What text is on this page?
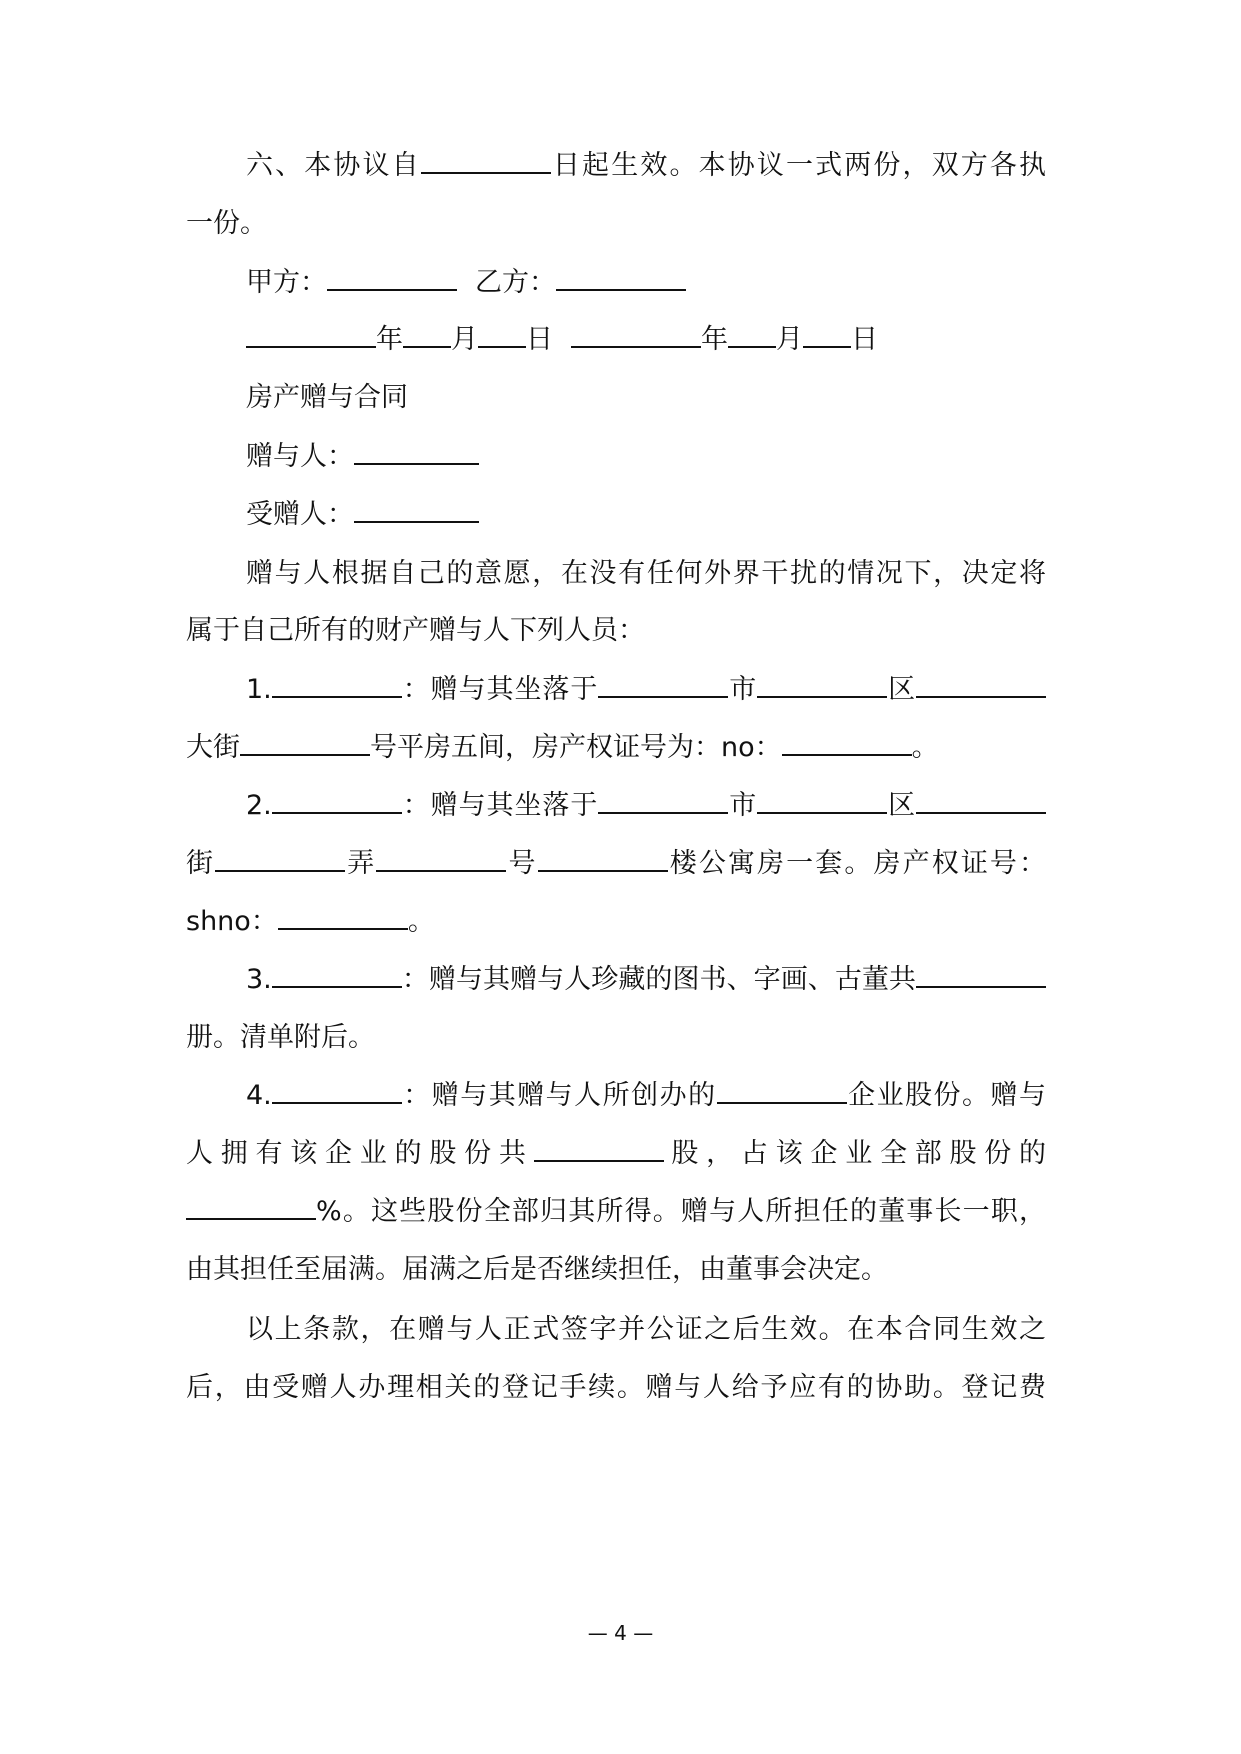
六、本协议自	日起生效。本协议一式两份，双方各执
一份。
甲方：	乙方：
年 月 日	年 月 日
房产赠与合同
赠与人：
受赠人：
赠与人根据自己的意愿，在没有任何外界干扰的情况下，决定将
属于自己所有的财产赠与人下列人员：
1.	：赠与其坐落于	市	区
大街	号平房五间，房产权证号为：no：	。
2.	：赠与其坐落于	市	区
街	弄	号	楼公寓房一套。房产权证号：
shno：	。
3.	：赠与其赠与人珍藏的图书、字画、古董共
册。清单附后。
4.	：赠与其赠与人所创办的	企业股份。赠与
人拥有该企业的股份共	股，占该企业全部股份的
%。这些股份全部归其所得。赠与人所担任的董事长一职，
由其担任至届满。届满之后是否继续担任，由董事会决定。
以上条款，在赠与人正式签字并公证之后生效。在本合同生效之
后，由受赠人办理相关的登记手续。赠与人给予应有的协助。登记费
— 4 —
